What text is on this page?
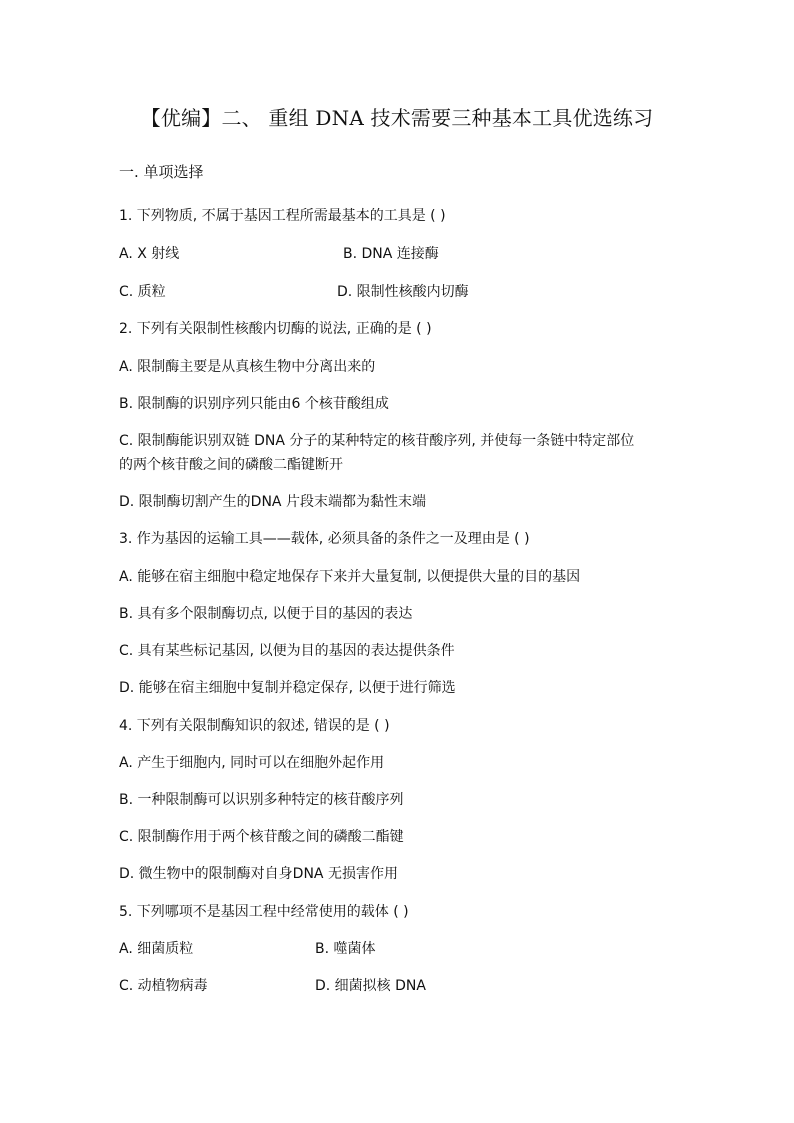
【优编】二、 重组 DNA 技术需要三种基本工具优选练习
一. 单项选择
1. 下列物质, 不属于基因工程所需最基本的工具是 ( )
A. X 射线	B. DNA 连接酶
C. 质粒	D. 限制性核酸内切酶
2. 下列有关限制性核酸内切酶的说法, 正确的是 ( )
A. 限制酶主要是从真核生物中分离出来的
B. 限制酶的识别序列只能由6 个核苷酸组成
C. 限制酶能识别双链 DNA 分子的某种特定的核苷酸序列, 并使每一条链中特定部位
的两个核苷酸之间的磷酸二酯键断开
D. 限制酶切割产生的DNA 片段末端都为黏性末端
3. 作为基因的运输工具——载体, 必须具备的条件之一及理由是 ( )
A. 能够在宿主细胞中稳定地保存下来并大量复制, 以便提供大量的目的基因
B. 具有多个限制酶切点, 以便于目的基因的表达
C. 具有某些标记基因, 以便为目的基因的表达提供条件
D. 能够在宿主细胞中复制并稳定保存, 以便于进行筛选
4. 下列有关限制酶知识的叙述, 错误的是 ( )
A. 产生于细胞内, 同时可以在细胞外起作用
B. 一种限制酶可以识别多种特定的核苷酸序列
C. 限制酶作用于两个核苷酸之间的磷酸二酯键
D. 微生物中的限制酶对自身DNA 无损害作用
5. 下列哪项不是基因工程中经常使用的载体 ( )
A. 细菌质粒	B. 噬菌体
C. 动植物病毒	D. 细菌拟核 DNA
